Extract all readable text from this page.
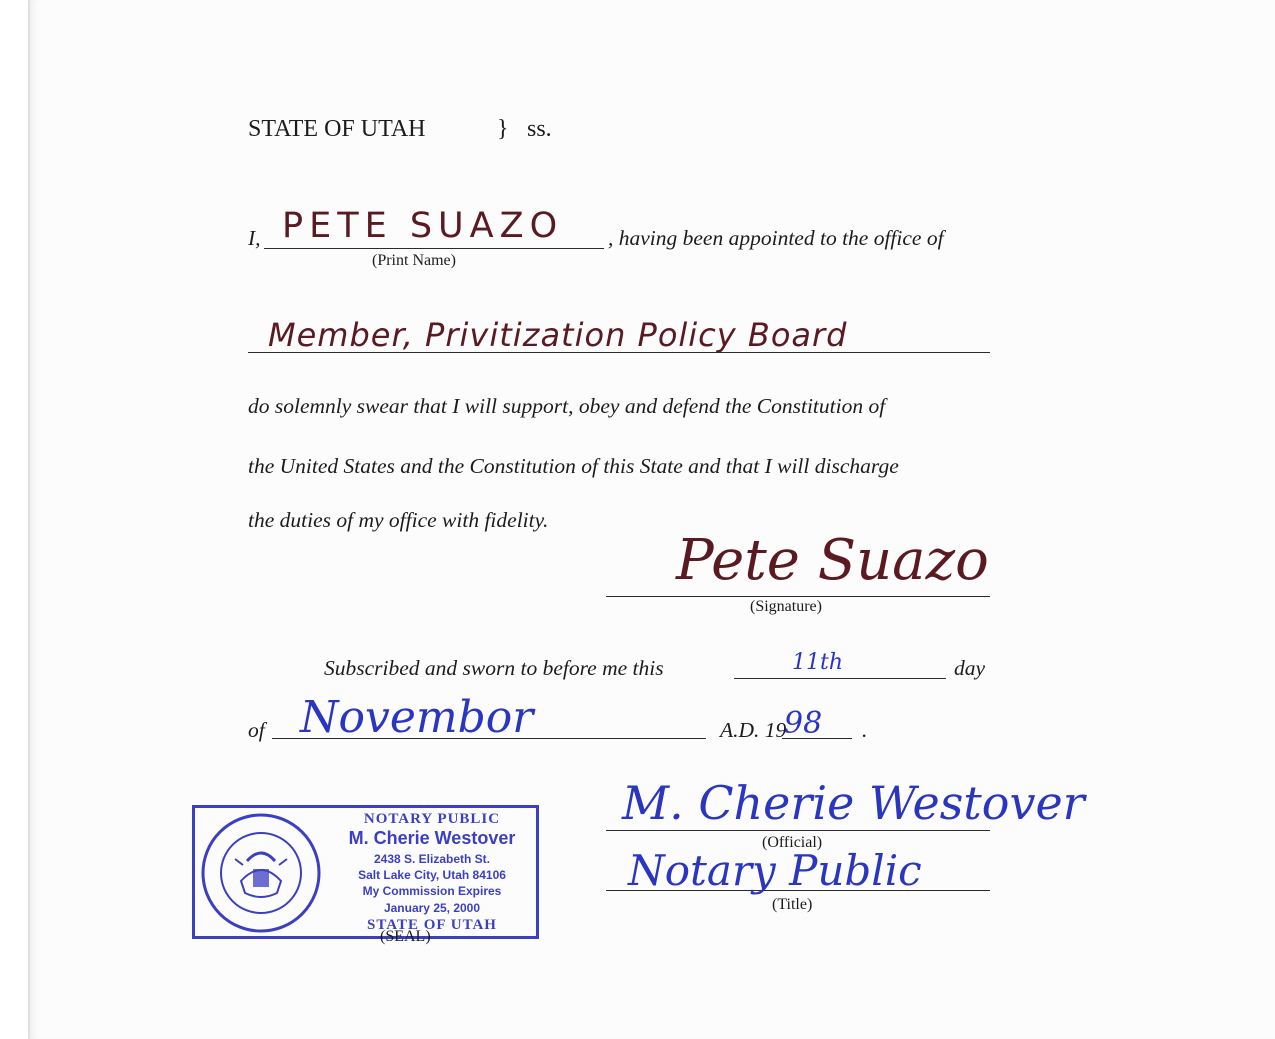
STATE OF UTAH	} ss.
I, PETE SUAZO , having been appointed to the office of
(Print Name)
Member, Privitization Policy Board
do solemnly swear that I will support, obey and defend the Constitution of
the United States and the Constitution of this State and that I will discharge
the duties of my office with fidelity.
Pete Suazo
(Signature)
Subscribed and sworn to before me this	11th	day
of Novembor	A.D. 19
98 .
M. Cherie Westover
(Official)
Notary Public
(Title)
NOTARY PUBLIC
M. Cherie Westover
2438 S. Elizabeth St.
Salt Lake City, Utah 84106
My Commission Expires
January 25, 2000
STATE OF UTAH
(SEAL)
